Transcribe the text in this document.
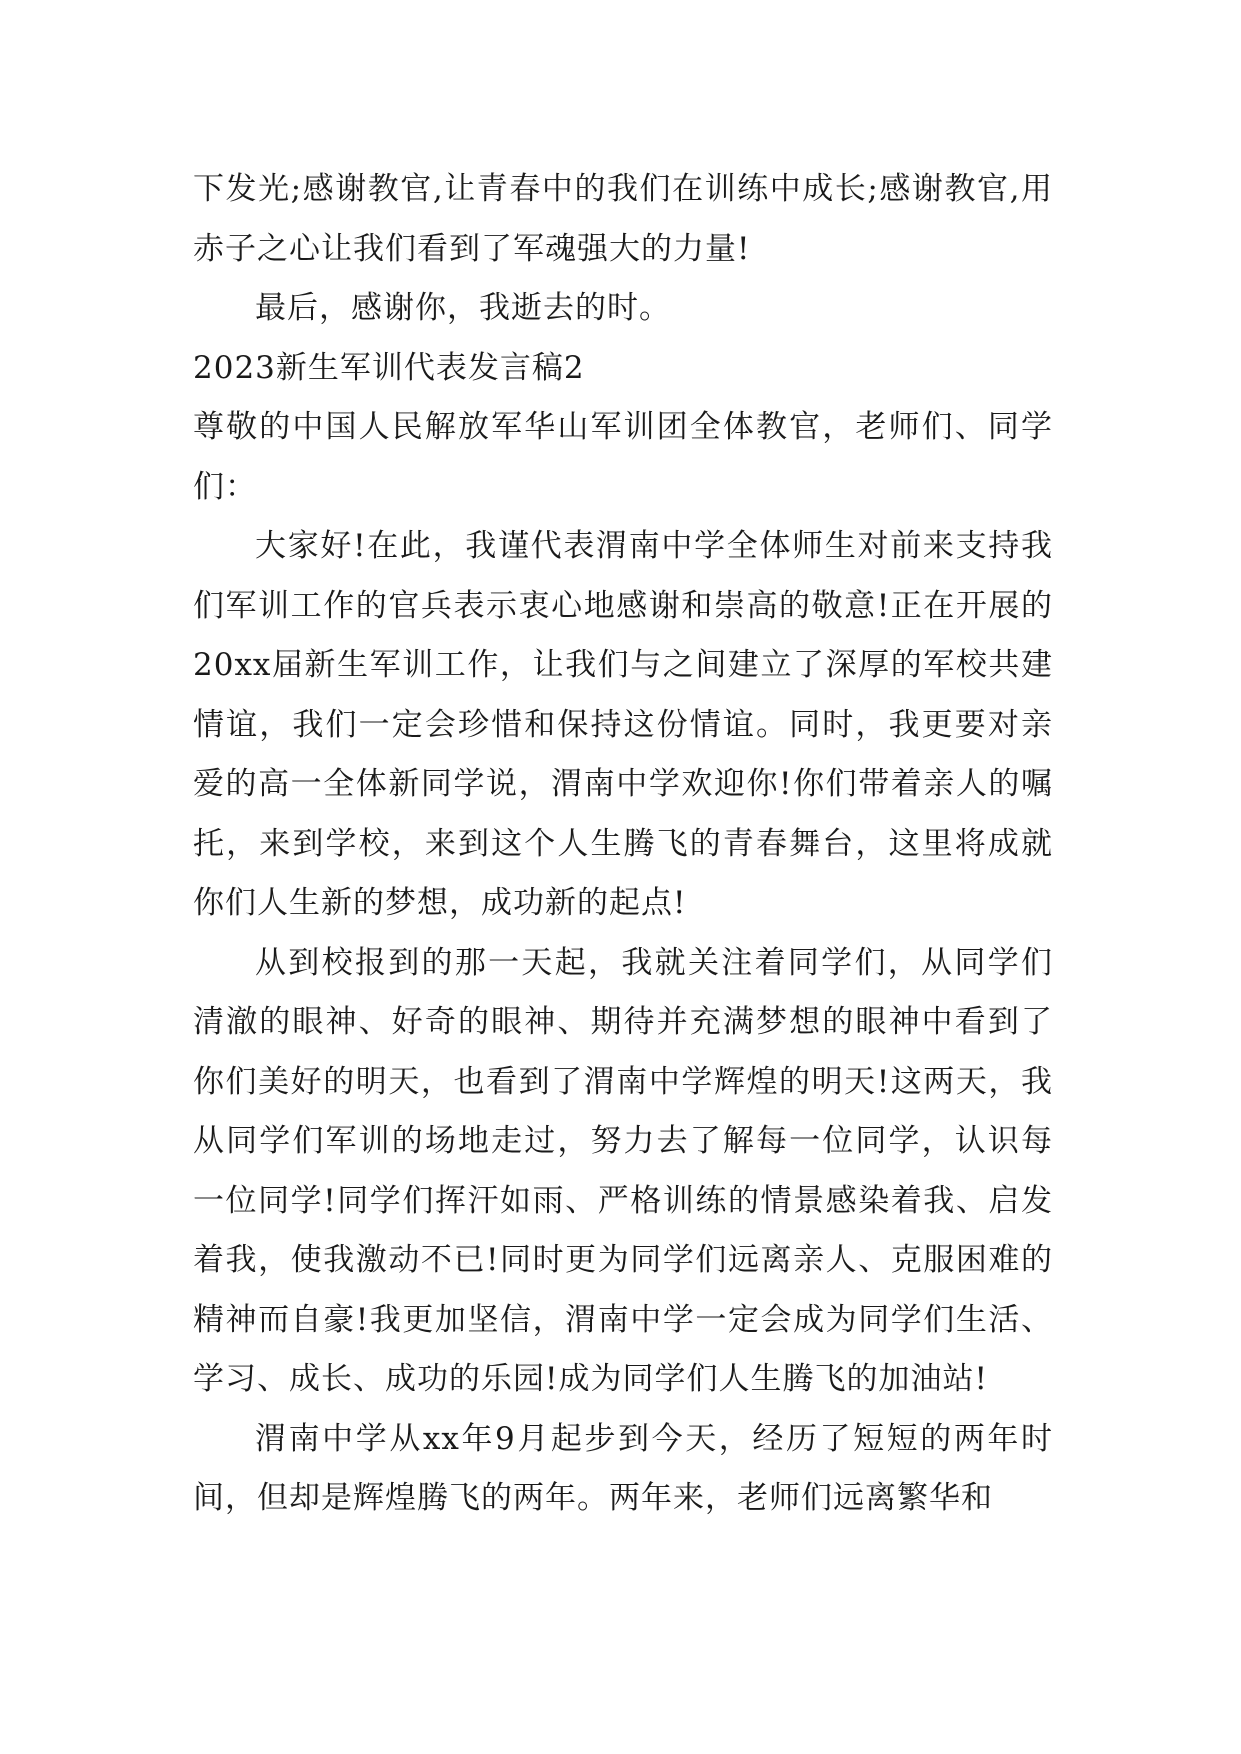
下发光;感谢教官,让青春中的我们在训练中成长;感谢教官,用赤子之心让我们看到了军魂强大的力量!

最后，感谢你，我逝去的时。

2023新生军训代表发言稿2

尊敬的中国人民解放军华山军训团全体教官，老师们、同学们：

大家好!在此，我谨代表渭南中学全体师生对前来支持我们军训工作的官兵表示衷心地感谢和崇高的敬意!正在开展的20xx届新生军训工作，让我们与之间建立了深厚的军校共建情谊，我们一定会珍惜和保持这份情谊。同时，我更要对亲爱的高一全体新同学说，渭南中学欢迎你!你们带着亲人的嘱托，来到学校，来到这个人生腾飞的青春舞台，这里将成就你们人生新的梦想，成功新的起点!

从到校报到的那一天起，我就关注着同学们，从同学们清澈的眼神、好奇的眼神、期待并充满梦想的眼神中看到了你们美好的明天，也看到了渭南中学辉煌的明天!这两天，我从同学们军训的场地走过，努力去了解每一位同学，认识每一位同学!同学们挥汗如雨、严格训练的情景感染着我、启发着我，使我激动不已!同时更为同学们远离亲人、克服困难的精神而自豪!我更加坚信，渭南中学一定会成为同学们生活、学习、成长、成功的乐园!成为同学们人生腾飞的加油站!

渭南中学从xx年9月起步到今天，经历了短短的两年时间，但却是辉煌腾飞的两年。两年来，老师们远离繁华和
